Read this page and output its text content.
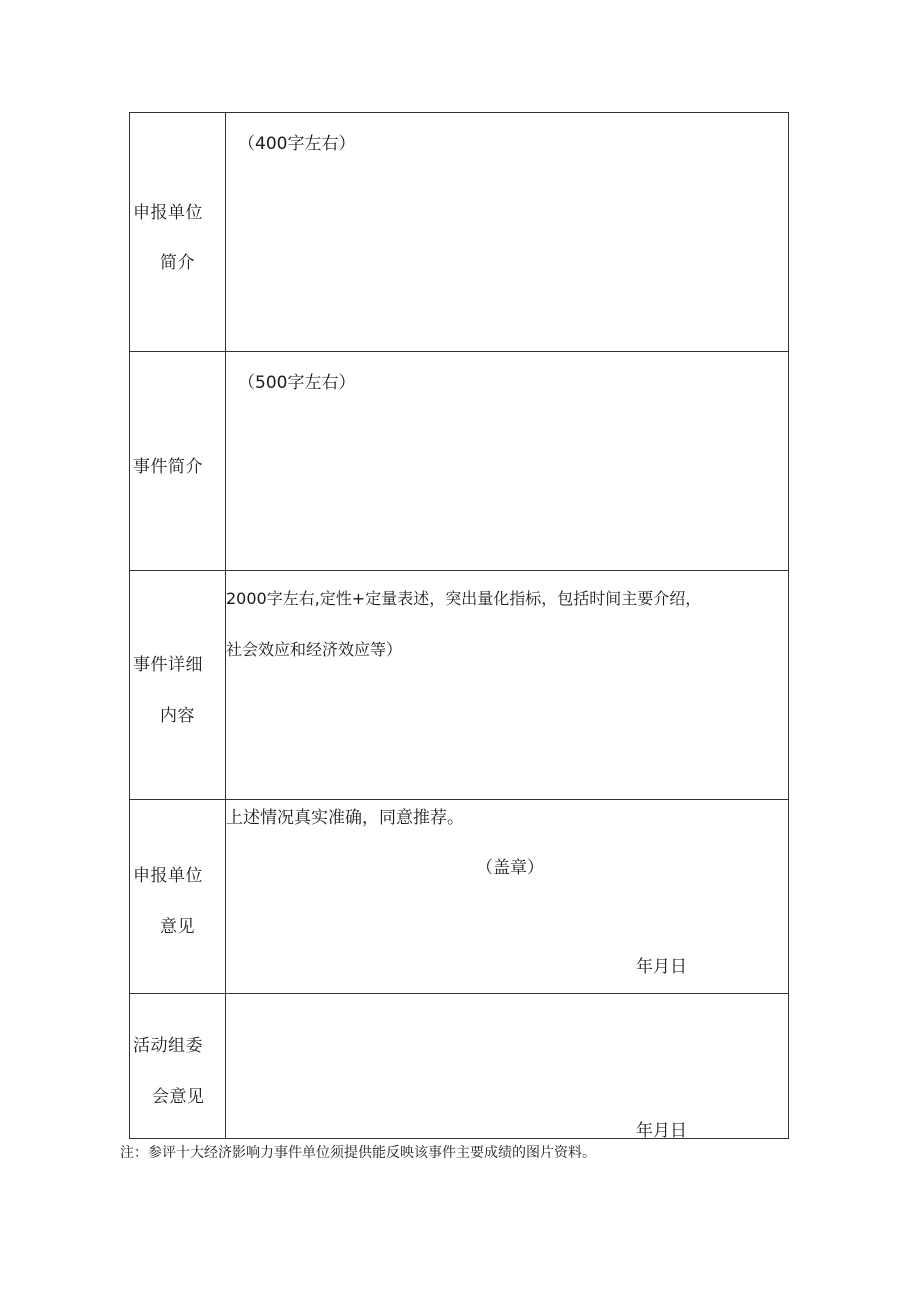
申报单位
简介
（400字左右）
事件简介
（500字左右）
事件详细
内容
2000字左右,定性+定量表述，突出量化指标，包括时间主要介绍，
社会效应和经济效应等）
申报单位
意见
上述情况真实准确，同意推荐。
（盖章）
年月日
活动组委
会意见
年月日
注：参评十大经济影响力事件单位须提供能反映该事件主要成绩的图片资料。
